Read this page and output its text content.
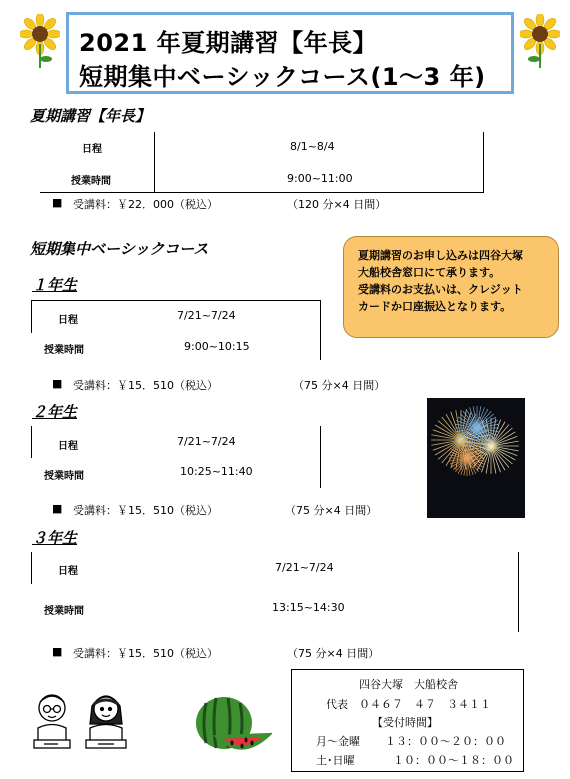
2021 年夏期講習【年長】
短期集中ベーシックコース(1～3 年)
夏期講習【年長】
日程	8/1~8/4
授業時間	9:00~11:00
■ 受講料：￥22．000（税込）	（120 分×4 日間）
短期集中ベーシックコース	夏期講習のお申し込みは四谷大塚
大船校舎窓口にて承ります。
受講料のお支払いは、クレジット
カードか口座振込となります。
１年生
日程	7/21~7/24
授業時間	9:00~10:15
■ 受講料：￥15．510（税込）	（75 分×4 日間）
２年生
日程	7/21~7/24
授業時間	10:25~11:40
■ 受講料：￥15．510（税込）	（75 分×4 日間）
３年生
日程	7/21~7/24
授業時間	13:15~14:30
■ 受講料：￥15．510（税込）	（75 分×4 日間）
四谷大塚　大船校舎
代表　０４６７　４７　３４１１
【受付時間】
月～金曜 １３：００～２０：００
土･日曜	１０：００～１８：００
